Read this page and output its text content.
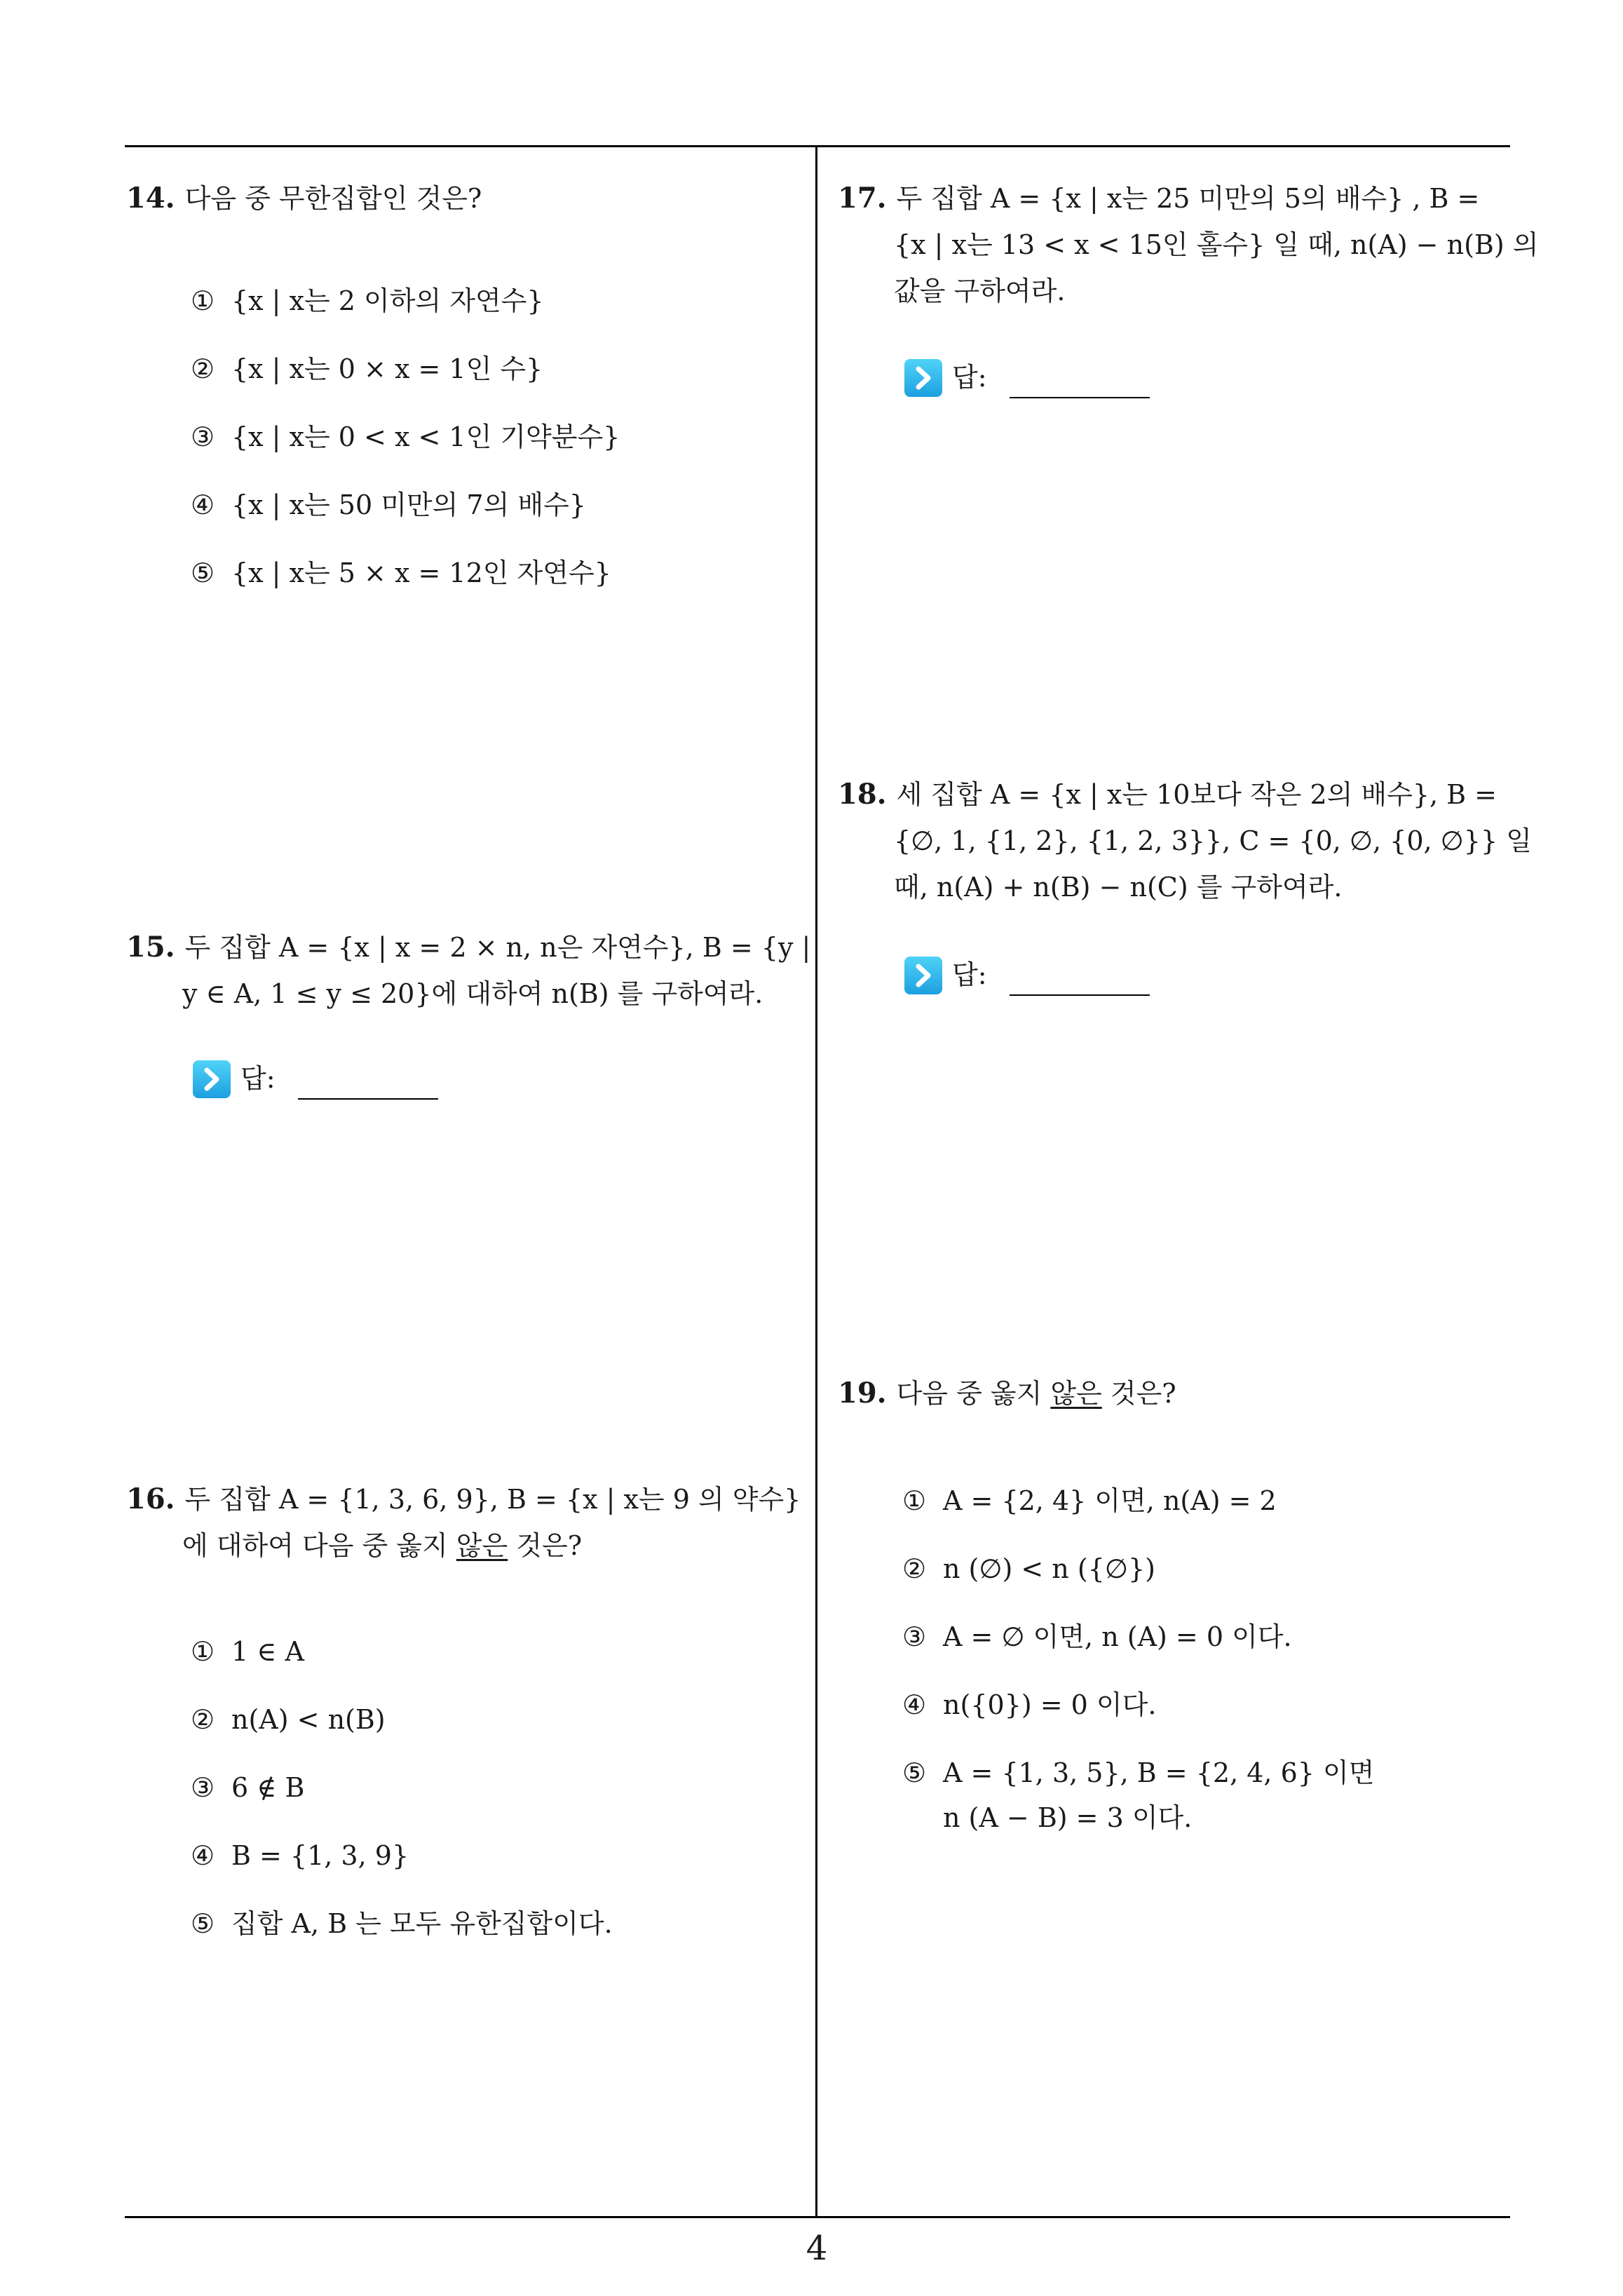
14. 다음 중 무한집합인 것은?
① {x | x는 2 이하의 자연수}
② {x | x는 0 × x = 1인 수}
③ {x | x는 0 < x < 1인 기약분수}
④ {x | x는 50 미만의 7의 배수}
⑤ {x | x는 5 × x = 12인 자연수}
15. 두 집합 A = {x | x = 2 × n, n은 자연수}, B = {y |
y ∈ A, 1 ≤ y ≤ 20}에 대하여 n(B) 를 구하여라.
답:
16. 두 집합 A = {1, 3, 6, 9}, B = {x | x는 9 의 약수}
에 대하여 다음 중 옳지 않은 것은?
① 1 ∈ A
② n(A) < n(B)
③ 6 ∉ B
④ B = {1, 3, 9}
⑤ 집합 A, B 는 모두 유한집합이다.
17. 두 집합 A = {x | x는 25 미만의 5의 배수} , B =
{x | x는 13 < x < 15인 홀수} 일 때, n(A) − n(B) 의
값을 구하여라.
답:
18. 세 집합 A = {x | x는 10보다 작은 2의 배수}, B =
{∅, 1, {1, 2}, {1, 2, 3}}, C = {0, ∅, {0, ∅}} 일
때, n(A) + n(B) − n(C) 를 구하여라.
답:
19. 다음 중 옳지 않은 것은?
① A = {2, 4} 이면, n(A) = 2
② n (∅) < n ({∅})
③ A = ∅ 이면, n (A) = 0 이다.
④ n({0}) = 0 이다.
⑤ A = {1, 3, 5}, B = {2, 4, 6} 이면
n (A − B) = 3 이다.
4
